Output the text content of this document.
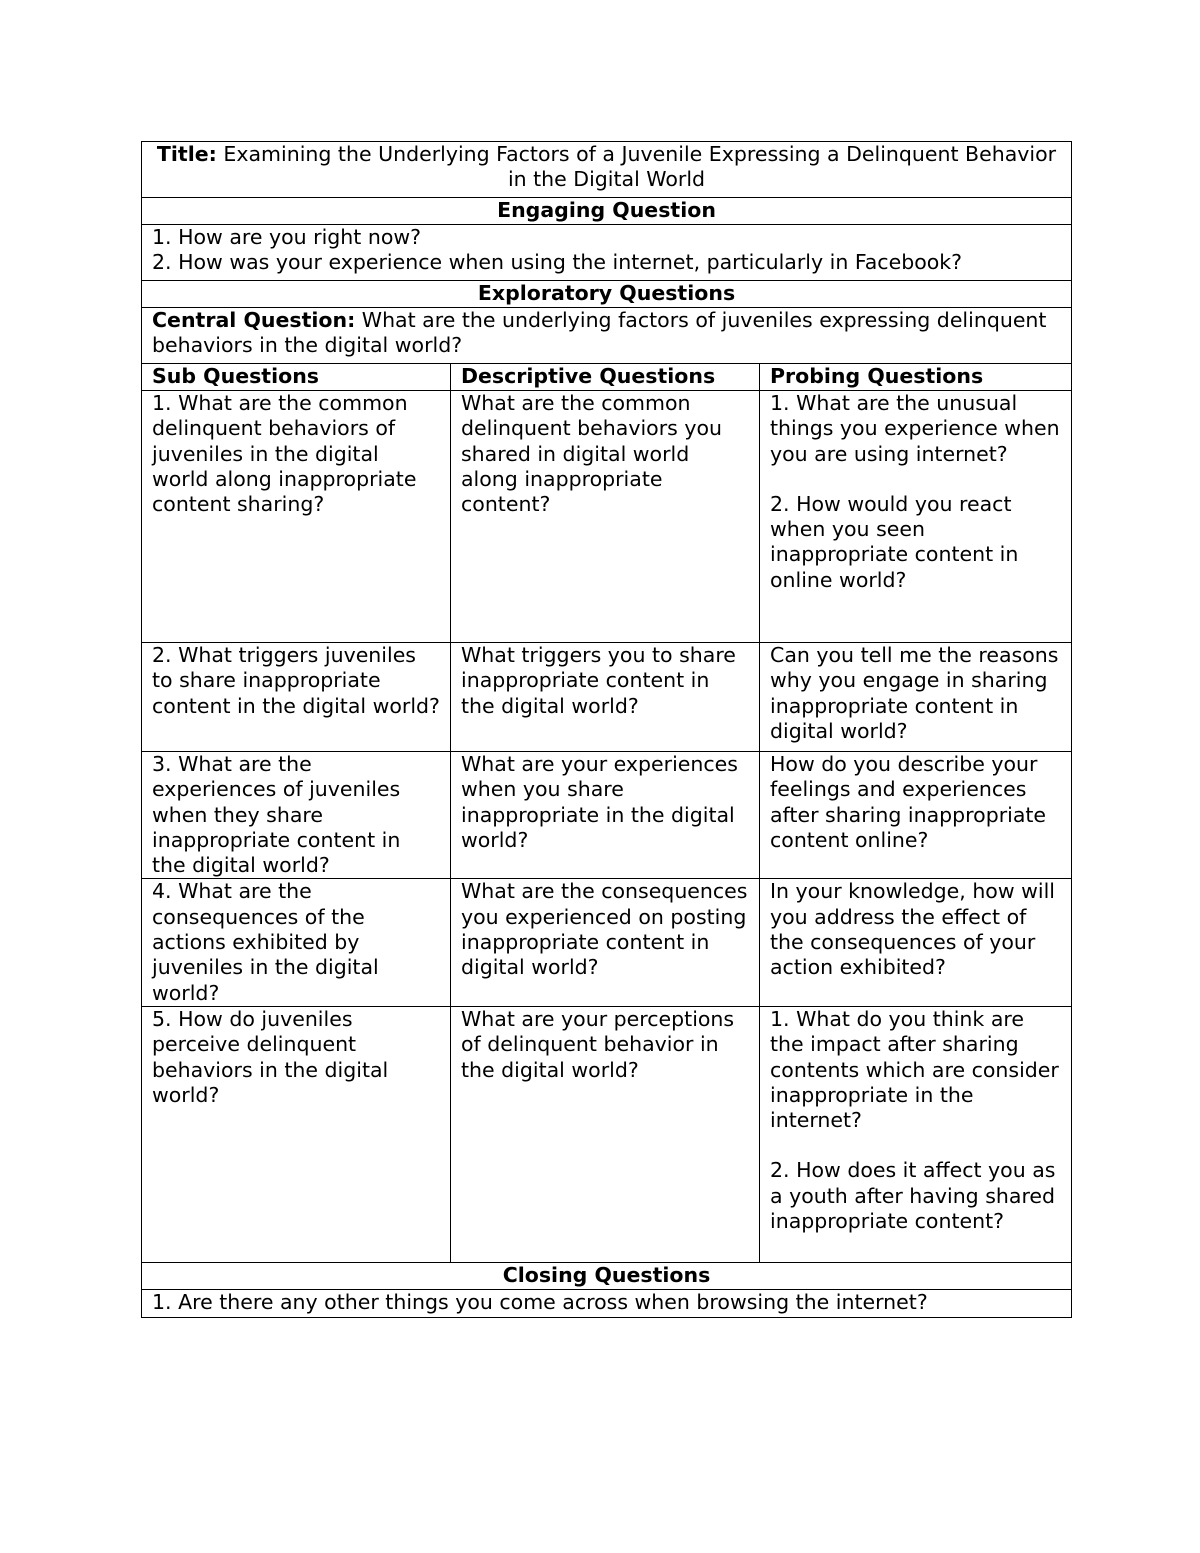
Title: Examining the Underlying Factors of a Juvenile Expressing a Delinquent Behavior in the Digital World		
Engaging Question		

1. How are you right now?
2. How was your experience when using the internet, particularly in Facebook?		

Exploratory Questions		
Central Question: What are the underlying factors of juveniles expressing delinquent behaviors in the digital world?		
Sub Questions	Descriptive Questions	Probing Questions
1. What are the common delinquent behaviors of juveniles in the digital world along inappropriate content sharing?	What are the common delinquent behaviors you shared in digital world along inappropriate content?	1. What are the unusual things you experience when you are using internet?
2. How would you react when you seen inappropriate content in online world?

2. What triggers juveniles to share inappropriate content in the digital world?	What triggers you to share inappropriate content in the digital world?	Can you tell me the reasons why you engage in sharing inappropriate content in digital world?

3. What are the experiences of juveniles when they share inappropriate content in the digital world?	What are your experiences when you share inappropriate in the digital world?	How do you describe your feelings and experiences after sharing inappropriate content online?

4. What are the consequences of the actions exhibited by juveniles in the digital world?	What are the consequences you experienced on posting inappropriate content in digital world?	In your knowledge, how will you address the effect of the consequences of your action exhibited?

5. How do juveniles perceive delinquent behaviors in the digital world?	What are your perceptions of delinquent behavior in the digital world?	1. What do you think are the impact after sharing contents which are consider inappropriate in the internet?
2. How does it affect you as a youth after having shared inappropriate content?

Closing Questions		
1. Are there any other things you come across when browsing the internet?		
